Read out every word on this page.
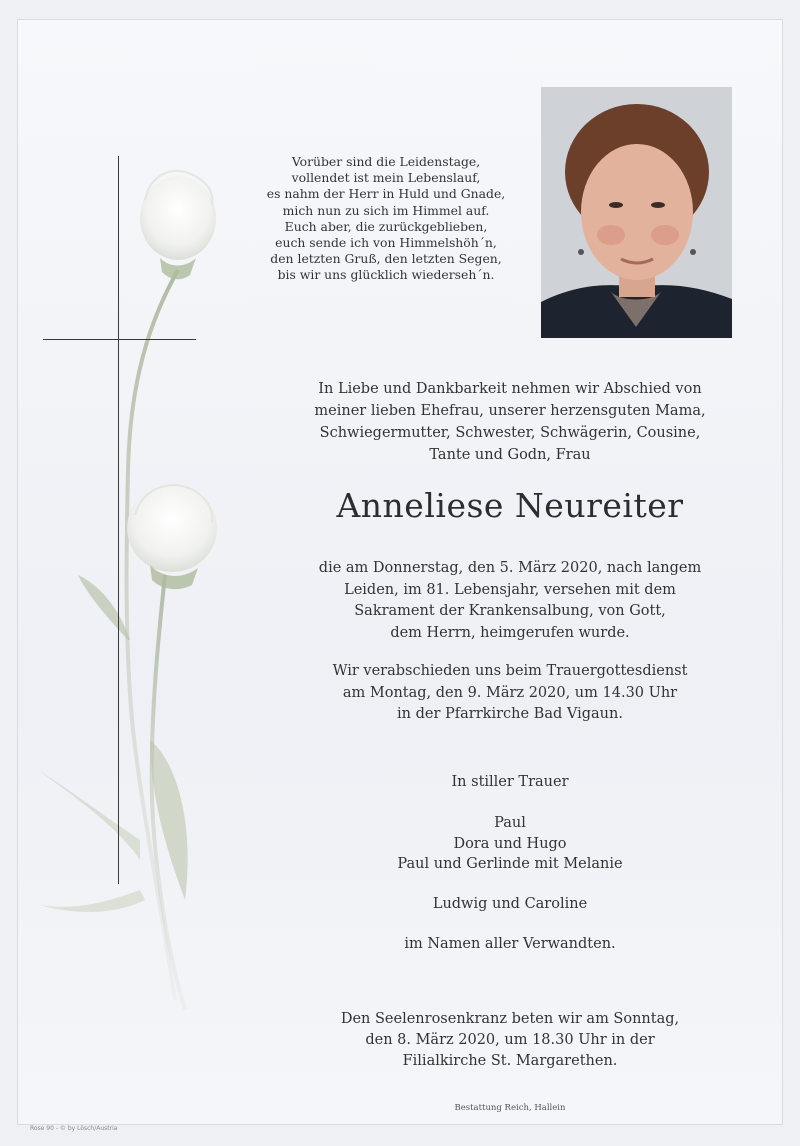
Vorüber sind die Leidenstage,
vollendet ist mein Lebenslauf,
es nahm der Herr in Huld und Gnade,
mich nun zu sich im Himmel auf.
Euch aber, die zurückgeblieben,
euch sende ich von Himmelshöh´n,
den letzten Gruß, den letzten Segen,
bis wir uns glücklich wiederseh´n.
In Liebe und Dankbarkeit nehmen wir Abschied von
meiner lieben Ehefrau, unserer herzensguten Mama,
Schwiegermutter, Schwester, Schwägerin, Cousine,
Tante und Godn, Frau
Anneliese Neureiter
die am Donnerstag, den 5. März 2020, nach langem
Leiden, im 81. Lebensjahr, versehen mit dem
Sakrament der Krankensalbung, von Gott,
dem Herrn, heimgerufen wurde.
Wir verabschieden uns beim Trauergottesdienst
am Montag, den 9. März 2020, um 14.30 Uhr
in der Pfarrkirche Bad Vigaun.
In stiller Trauer
Paul
Dora und Hugo
Paul und Gerlinde mit Melanie
Ludwig und Caroline
im Namen aller Verwandten.
Den Seelenrosenkranz beten wir am Sonntag,
den 8. März 2020, um 18.30 Uhr in der
Filialkirche St. Margarethen.
Bestattung Reich, Hallein
Rose 90 - © by Lösch/Austria
